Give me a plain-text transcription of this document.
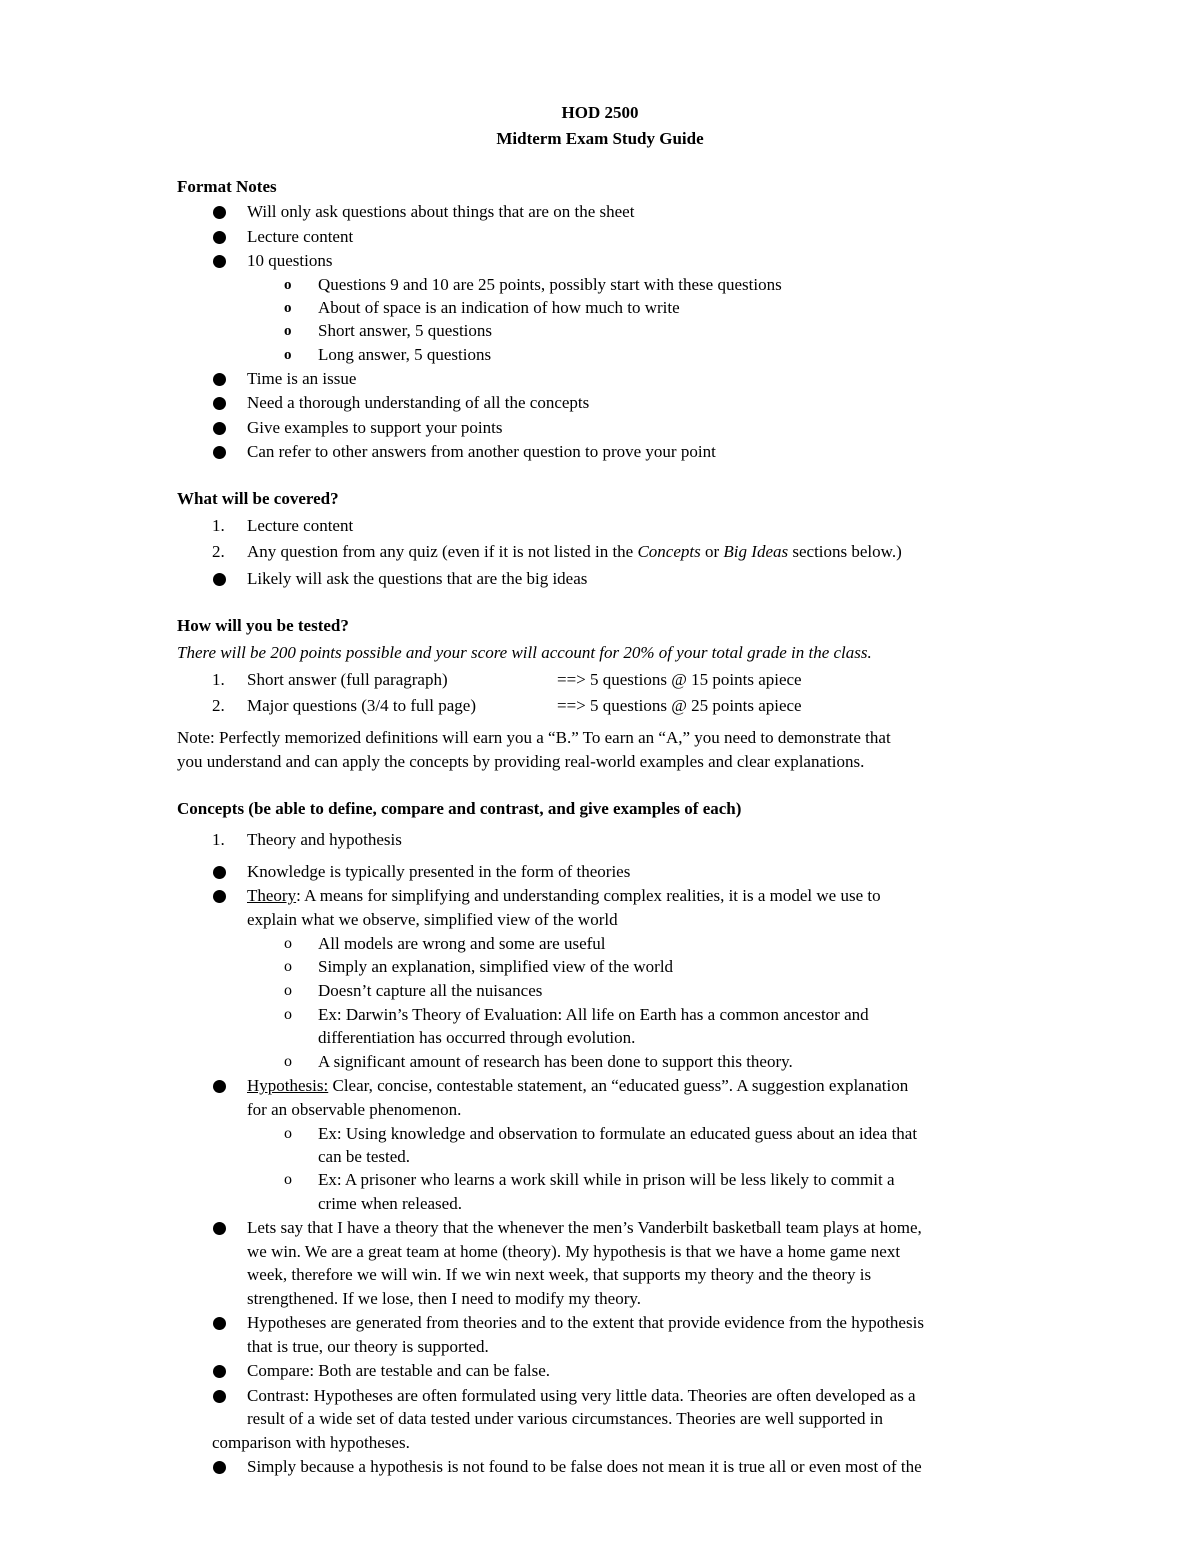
HOD 2500
Midterm Exam Study Guide
Format Notes
Will only ask questions about things that are on the sheet
Lecture content
10 questions
o Questions 9 and 10 are 25 points, possibly start with these questions
o About of space is an indication of how much to write
o Short answer, 5 questions
o Long answer, 5 questions
Time is an issue
Need a thorough understanding of all the concepts
Give examples to support your points
Can refer to other answers from another question to prove your point
What will be covered?
1. Lecture content
2. Any question from any quiz (even if it is not listed in the Concepts or Big Ideas sections below.)
Likely will ask the questions that are the big ideas
How will you be tested?
There will be 200 points possible and your score will account for 20% of your total grade in the class.
1. Short answer (full paragraph)	==> 5 questions @ 15 points apiece
2. Major questions (3/4 to full page)	==> 5 questions @ 25 points apiece
Note: Perfectly memorized definitions will earn you a “B.” To earn an “A,” you need to demonstrate that
you understand and can apply the concepts by providing real-world examples and clear explanations.
Concepts (be able to define, compare and contrast, and give examples of each)
1. Theory and hypothesis
Knowledge is typically presented in the form of theories
Theory: A means for simplifying and understanding complex realities, it is a model we use to
explain what we observe, simplified view of the world
o All models are wrong and some are useful
o Simply an explanation, simplified view of the world
o Doesn’t capture all the nuisances
o Ex: Darwin’s Theory of Evaluation: All life on Earth has a common ancestor and
differentiation has occurred through evolution.
o A significant amount of research has been done to support this theory.
Hypothesis: Clear, concise, contestable statement, an “educated guess”. A suggestion explanation
for an observable phenomenon.
o Ex: Using knowledge and observation to formulate an educated guess about an idea that
can be tested.
o Ex: A prisoner who learns a work skill while in prison will be less likely to commit a
crime when released.
Lets say that I have a theory that the whenever the men’s Vanderbilt basketball team plays at home,
we win. We are a great team at home (theory). My hypothesis is that we have a home game next
week, therefore we will win. If we win next week, that supports my theory and the theory is
strengthened. If we lose, then I need to modify my theory.
Hypotheses are generated from theories and to the extent that provide evidence from the hypothesis
that is true, our theory is supported.
Compare: Both are testable and can be false.
Contrast: Hypotheses are often formulated using very little data. Theories are often developed as a
result of a wide set of data tested under various circumstances. Theories are well supported in
comparison with hypotheses.
Simply because a hypothesis is not found to be false does not mean it is true all or even most of the
